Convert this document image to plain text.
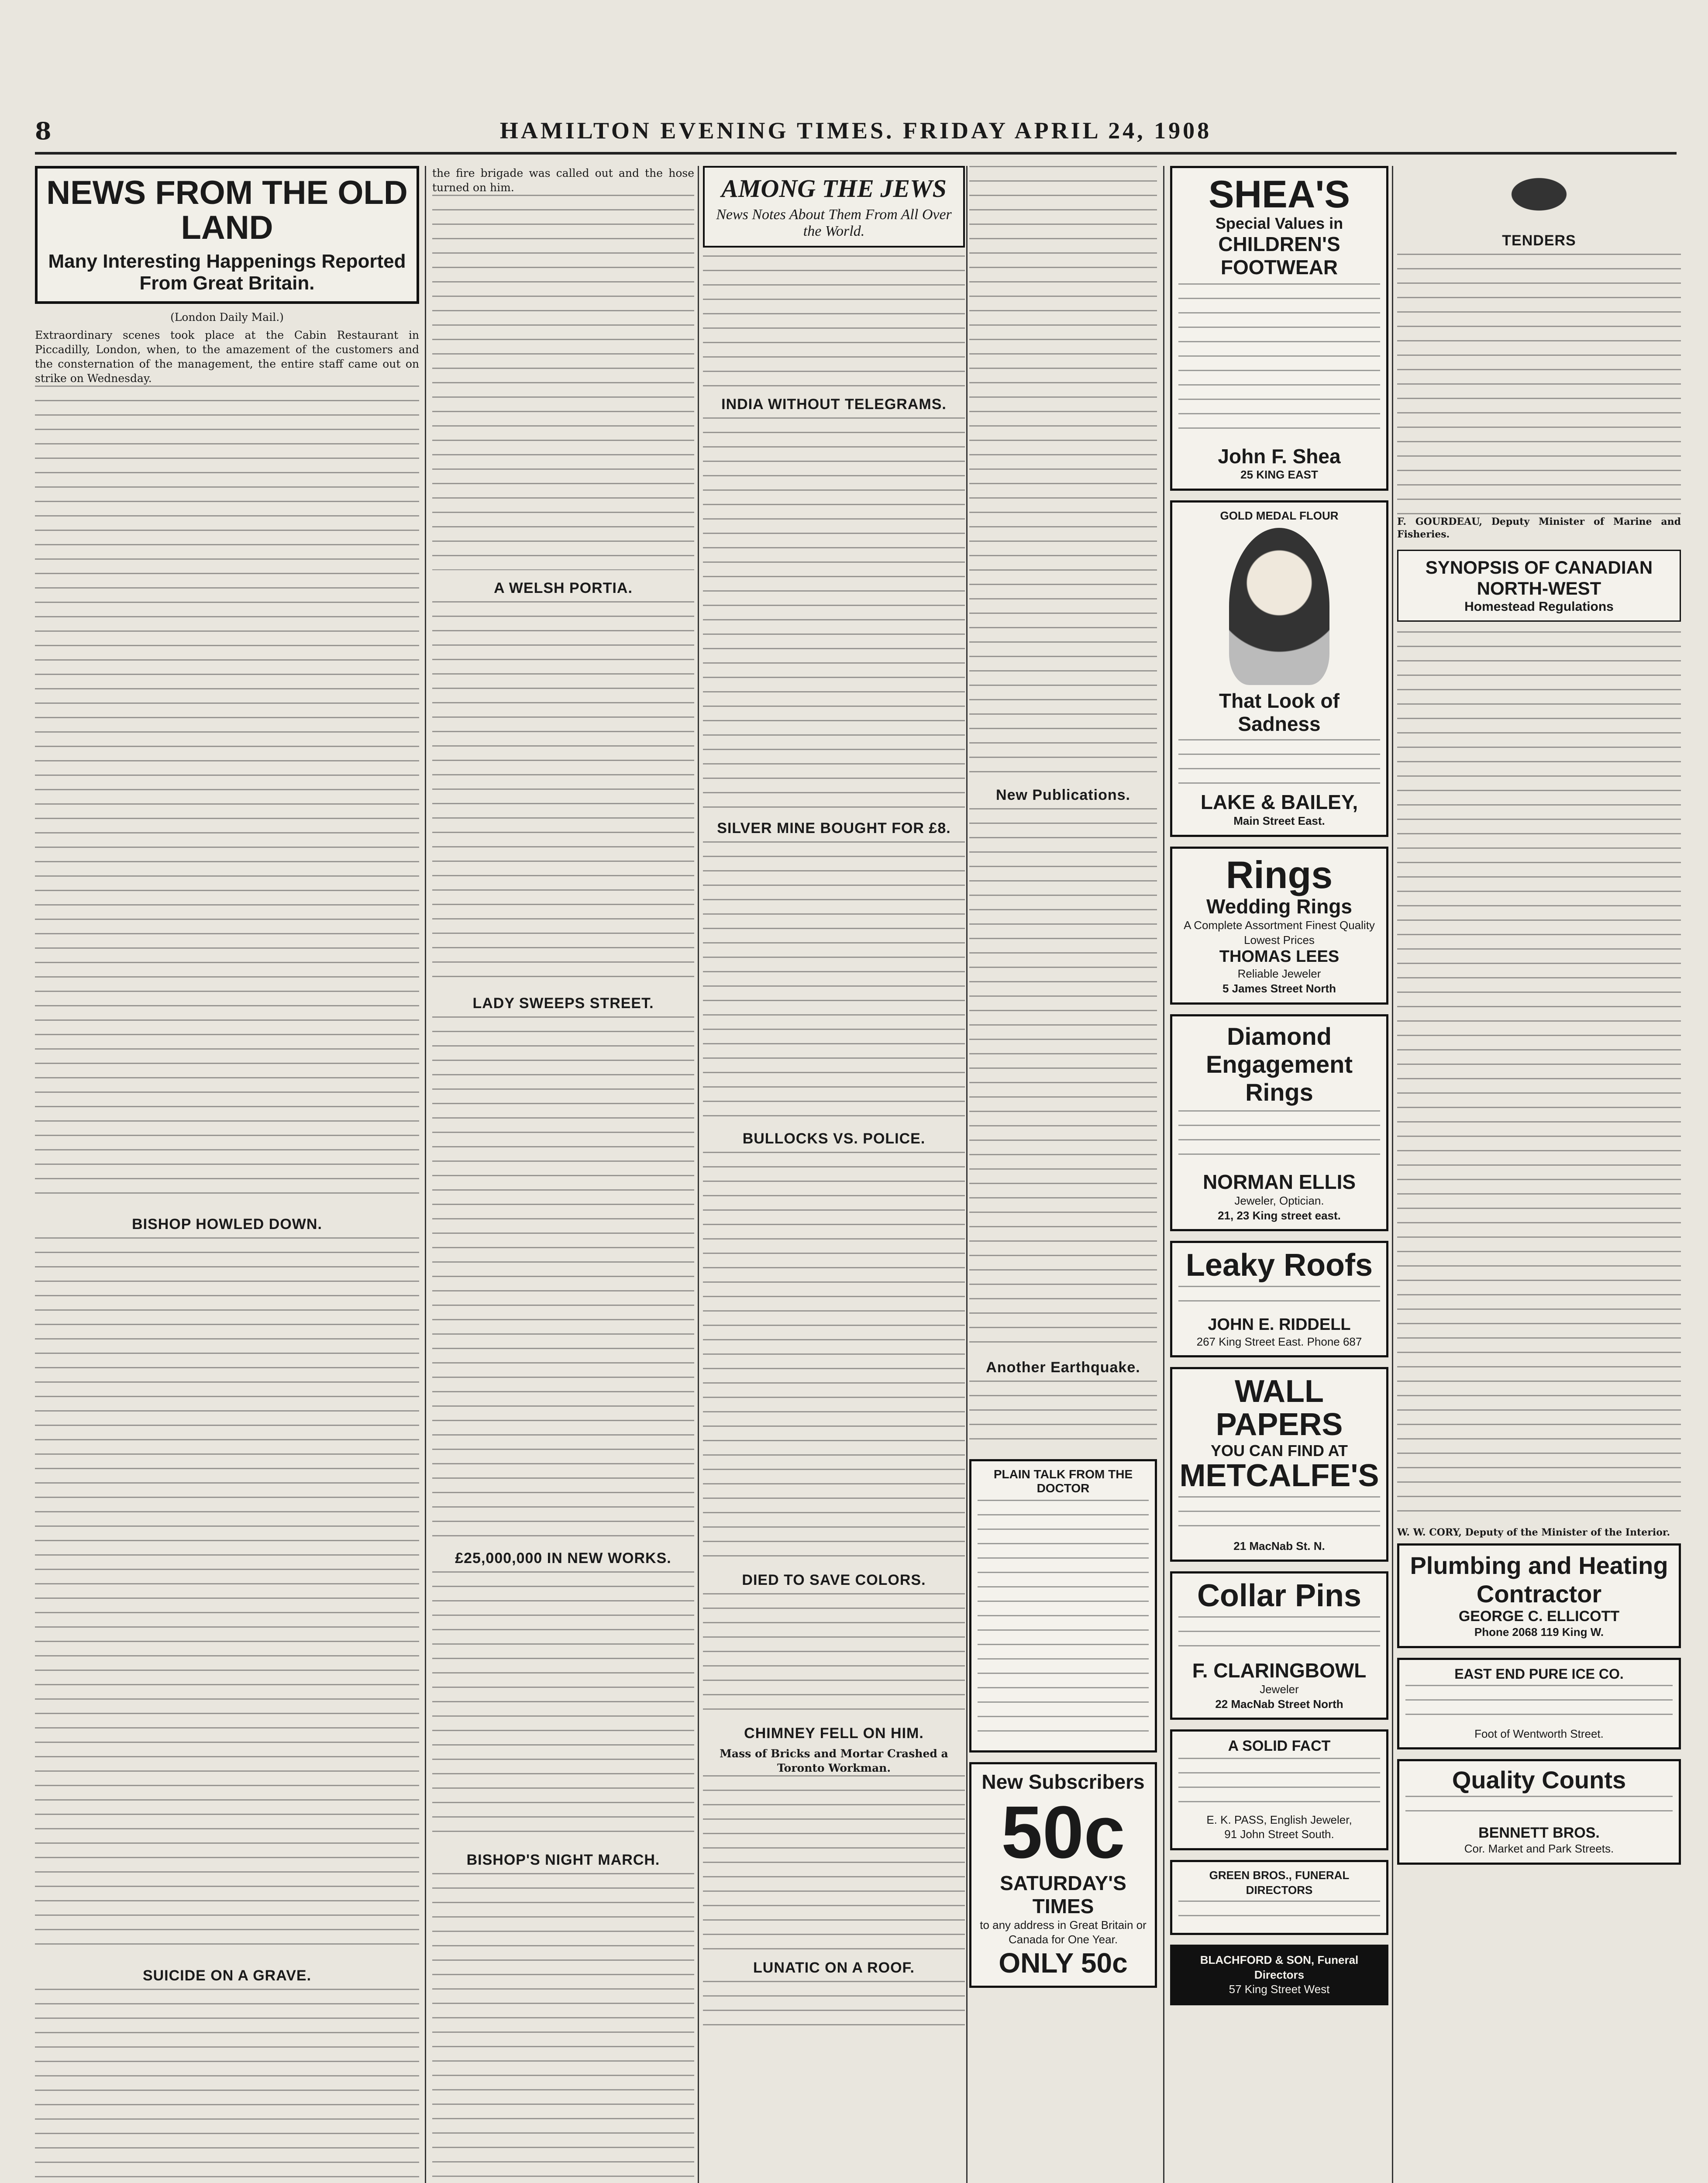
8	HAMILTON EVENING TIMES. FRIDAY APRIL 24, 1908
NEWS FROM THE OLD LAND
Many Interesting Happenings Reported From Great Britain.
(London Daily Mail.)
Extraordinary scenes took place at the Cabin Restaurant in Piccadilly, London, when, to the amazement of the customers and the consternation of the management, the entire staff came out on strike on Wednesday.
BISHOP HOWLED DOWN.
SUICIDE ON A GRAVE.
the fire brigade was called out and the hose turned on him.
A WELSH PORTIA.
LADY SWEEPS STREET.
£25,000,000 IN NEW WORKS.
BISHOP'S NIGHT MARCH.
AMONG THE JEWS
News Notes About Them From All Over the World.
INDIA WITHOUT TELEGRAMS.
SILVER MINE BOUGHT FOR £8.
BULLOCKS VS. POLICE.
DIED TO SAVE COLORS.
CHIMNEY FELL ON HIM.
Mass of Bricks and Mortar Crashed a Toronto Workman.
LUNATIC ON A ROOF.
New Publications.
Another Earthquake.
PLAIN TALK FROM THE DOCTOR
New Subscribers
50c
SATURDAY'S TIMES
to any address in Great Britain or Canada for One Year.
ONLY 50c
SHEA'S
Special Values in
CHILDREN'S FOOTWEAR
John F. Shea
25 KING EAST
GOLD MEDAL FLOUR
That Look of Sadness
LAKE & BAILEY,
Main Street East.
Rings
Wedding Rings
A Complete Assortment Finest Quality Lowest Prices
THOMAS LEES
Reliable Jeweler
5 James Street North
Diamond Engagement Rings
NORMAN ELLIS
Jeweler, Optician.
21, 23 King street east.
Leaky Roofs
JOHN E. RIDDELL
267 King Street East. Phone 687
WALL PAPERS
YOU CAN FIND AT
METCALFE'S
21 MacNab St. N.
Collar Pins
F. CLARINGBOWL
Jeweler
22 MacNab Street North
A SOLID FACT
E. K. PASS, English Jeweler,
91 John Street South.
GREEN BROS., FUNERAL DIRECTORS
BLACHFORD & SON, Funeral Directors
57 King Street West
TENDERS
F. GOURDEAU, Deputy Minister of Marine and Fisheries.
SYNOPSIS OF CANADIAN NORTH-WEST
Homestead Regulations
W. W. CORY, Deputy of the Minister of the Interior.
Plumbing and Heating Contractor
GEORGE C. ELLICOTT
Phone 2068 119 King W.
EAST END PURE ICE CO.
Foot of Wentworth Street.
Quality Counts
BENNETT BROS.
Cor. Market and Park Streets.
